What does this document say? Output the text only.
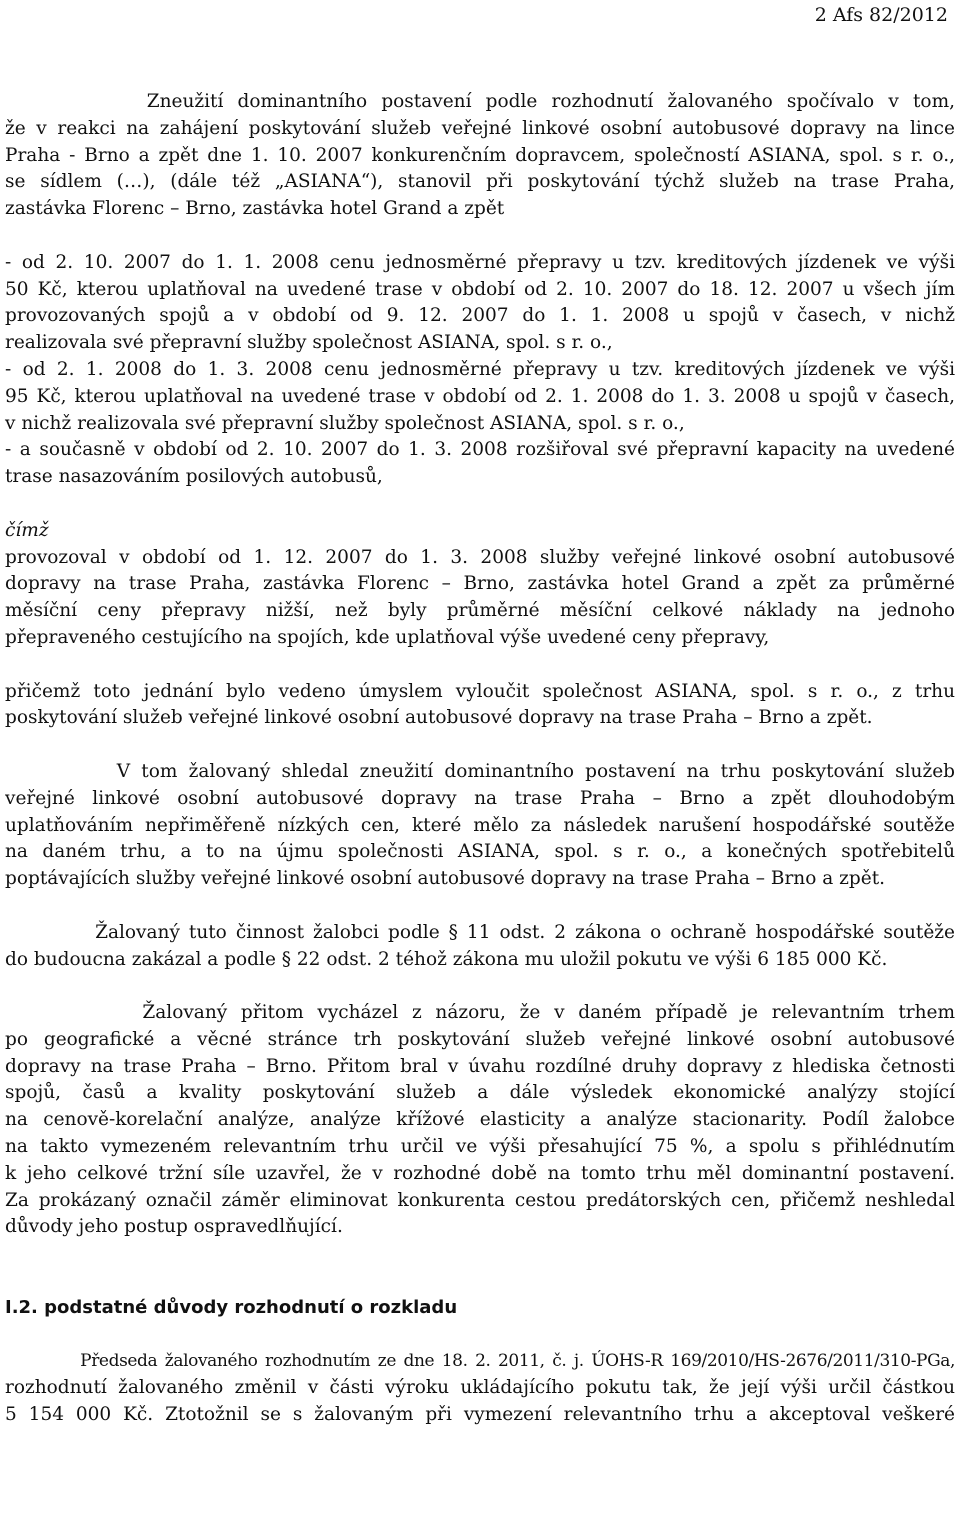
2 Afs 82/2012
Zneužití dominantního postavení podle rozhodnutí žalovaného spočívalo v tom,
že v reakci na zahájení poskytování služeb veřejné linkové osobní autobusové dopravy na lince
Praha - Brno a zpět dne 1. 10. 2007 konkurenčním dopravcem, společností ASIANA, spol. s r. o.,
se sídlem (…), (dále též „ASIANA“), stanovil při poskytování týchž služeb na trase Praha,
zastávka Florenc – Brno, zastávka hotel Grand a zpět
- od 2. 10. 2007 do 1. 1. 2008 cenu jednosměrné přepravy u tzv. kreditových jízdenek ve výši
50 Kč, kterou uplatňoval na uvedené trase v období od 2. 10. 2007 do 18. 12. 2007 u všech jím
provozovaných spojů a v období od 9. 12. 2007 do 1. 1. 2008 u spojů v časech, v nichž
realizovala své přepravní služby společnost ASIANA, spol. s r. o.,
- od 2. 1. 2008 do 1. 3. 2008 cenu jednosměrné přepravy u tzv. kreditových jízdenek ve výši
95 Kč, kterou uplatňoval na uvedené trase v období od 2. 1. 2008 do 1. 3. 2008 u spojů v časech,
v nichž realizovala své přepravní služby společnost ASIANA, spol. s r. o.,
- a současně v období od 2. 10. 2007 do 1. 3. 2008 rozšiřoval své přepravní kapacity na uvedené
trase nasazováním posilových autobusů,
čímž
provozoval v období od 1. 12. 2007 do 1. 3. 2008 služby veřejné linkové osobní autobusové
dopravy na trase Praha, zastávka Florenc – Brno, zastávka hotel Grand a zpět za průměrné
měsíční ceny přepravy nižší, než byly průměrné měsíční celkové náklady na jednoho
přepraveného cestujícího na spojích, kde uplatňoval výše uvedené ceny přepravy,
přičemž toto jednání bylo vedeno úmyslem vyloučit společnost ASIANA, spol. s r. o., z trhu
poskytování služeb veřejné linkové osobní autobusové dopravy na trase Praha – Brno a zpět.
V tom žalovaný shledal zneužití dominantního postavení na trhu poskytování služeb
veřejné linkové osobní autobusové dopravy na trase Praha – Brno a zpět dlouhodobým
uplatňováním nepřiměřeně nízkých cen, které mělo za následek narušení hospodářské soutěže
na daném trhu, a to na újmu společnosti ASIANA, spol. s r. o., a konečných spotřebitelů
poptávajících služby veřejné linkové osobní autobusové dopravy na trase Praha – Brno a zpět.
Žalovaný tuto činnost žalobci podle § 11 odst. 2 zákona o ochraně hospodářské soutěže
do budoucna zakázal a podle § 22 odst. 2 téhož zákona mu uložil pokutu ve výši 6 185 000 Kč.
Žalovaný přitom vycházel z názoru, že v daném případě je relevantním trhem
po geografické a věcné stránce trh poskytování služeb veřejné linkové osobní autobusové
dopravy na trase Praha – Brno. Přitom bral v úvahu rozdílné druhy dopravy z hlediska četnosti
spojů, časů a kvality poskytování služeb a dále výsledek ekonomické analýzy stojící
na cenově-korelační analýze, analýze křížové elasticity a analýze stacionarity. Podíl žalobce
na takto vymezeném relevantním trhu určil ve výši přesahující 75 %, a spolu s přihlédnutím
k jeho celkové tržní síle uzavřel, že v rozhodné době na tomto trhu měl dominantní postavení.
Za prokázaný označil záměr eliminovat konkurenta cestou predátorských cen, přičemž neshledal
důvody jeho postup ospravedlňující.
I.2. podstatné důvody rozhodnutí o rozkladu
Předseda žalovaného rozhodnutím ze dne 18. 2. 2011, č. j. ÚOHS-R 169/2010/HS-2676/2011/310-PGa,
rozhodnutí žalovaného změnil v části výroku ukládajícího pokutu tak, že její výši určil částkou
5 154 000 Kč. Ztotožnil se s žalovaným při vymezení relevantního trhu a akceptoval veškeré
